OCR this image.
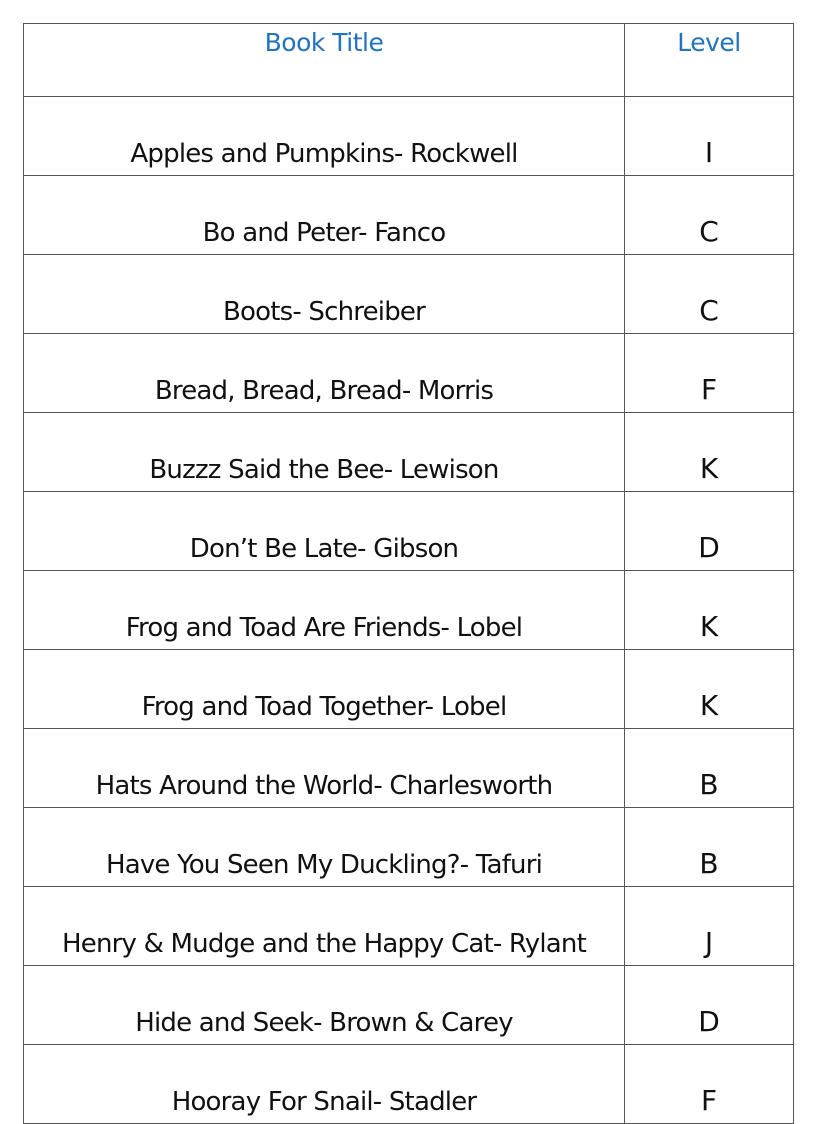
Book Title	Level
Apples and Pumpkins- Rockwell	I
Bo and Peter- Fanco	C
Boots- Schreiber	C
Bread, Bread, Bread- Morris	F
Buzzz Said the Bee- Lewison	K
Don’t Be Late- Gibson	D
Frog and Toad Are Friends- Lobel	K
Frog and Toad Together- Lobel	K
Hats Around the World- Charlesworth	B
Have You Seen My Duckling?- Tafuri	B
Henry & Mudge and the Happy Cat- Rylant	J
Hide and Seek- Brown & Carey	D
Hooray For Snail- Stadler	F
